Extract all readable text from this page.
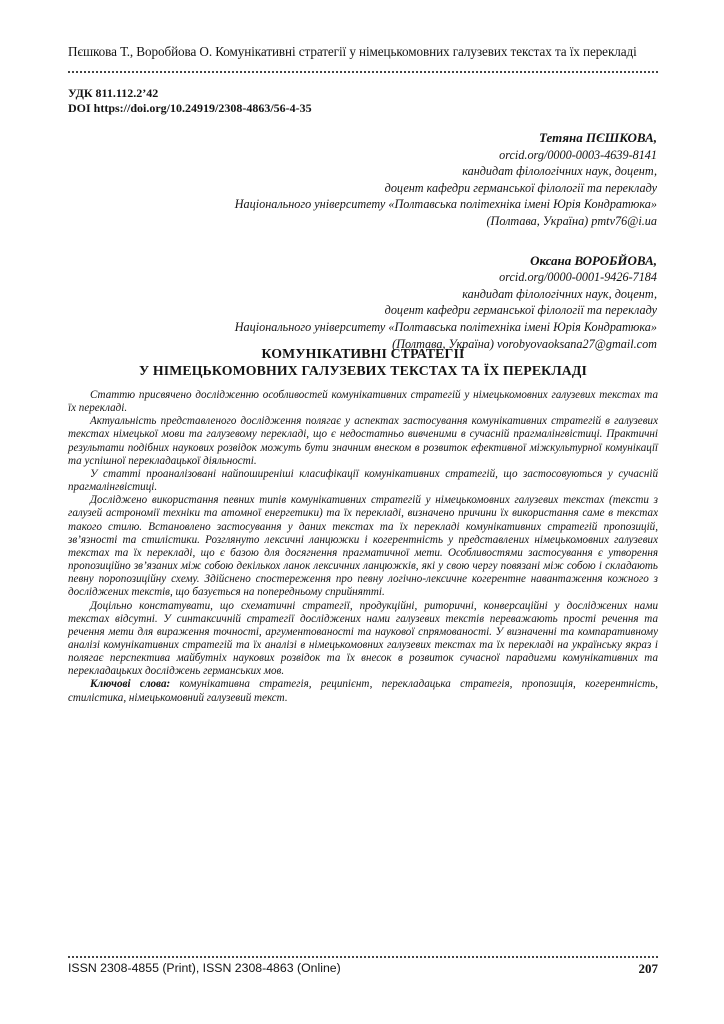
Пєшкова Т., Воробйова О. Комунікативні стратегії у німецькомовних галузевих текстах та їх перекладі
УДК 811.112.2’42
DOI https://doi.org/10.24919/2308-4863/56-4-35
Тетяна ПЄШКОВА,
orcid.org/0000-0003-4639-8141
кандидат філологічних наук, доцент,
доцент кафедри германської філології та перекладу
Національного університету «Полтавська політехніка імені Юрія Кондратюка»
(Полтава, Україна) pmtv76@i.ua
Оксана ВОРОБЙОВА,
orcid.org/0000-0001-9426-7184
кандидат філологічних наук, доцент,
доцент кафедри германської філології та перекладу
Національного університету «Полтавська політехніка імені Юрія Кондратюка»
(Полтава, Україна) vorobyovaoksana27@gmail.com
КОМУНІКАТИВНІ СТРАТЕГІЇ
У НІМЕЦЬКОМОВНИХ ГАЛУЗЕВИХ ТЕКСТАХ ТА ЇХ ПЕРЕКЛАДІ

Статтю присвячено дослідженню особливостей комунікативних стратегій у німецькомовних галузевих текстах та їх перекладі.

Актуальність представленого дослідження полягає у аспектах застосування комунікативних стратегій в галузевих текстах німецької мови та галузевому перекладі, що є недостатньо вивченими в сучасній прагмалінгвістиці. Практичні результати подібних наукових розвідок можуть бути значним внеском в розвиток ефективної міжкультурної комунікації та успішної перекладацької діяльності.

У статті проаналізовані найпоширеніші класифікації комунікативних стратегій, що застосовуються у сучасній прагмалінгвістиці.

Досліджено використання певних типів комунікативних стратегій у німецькомовних галузевих текстах (тексти з галузей астрономії техніки та атомної енергетики) та їх перекладі, визначено причини їх використання саме в текстах такого стилю. Встановлено застосування у даних текстах та їх перекладі комунікативних стратегій пропозицій, зв’язності та стилістики. Розглянуто лексичні ланцюжки і когерентність у представлених німецькомовних галузевих текстах та їх перекладі, що є базою для досягнення прагматичної мети. Особливостями застосування є утворення пропозиційно зв’язаних між собою декількох ланок лексичних ланцюжків, які у свою чергу повязані між собою і складають певну поропозиційну схему. Здійснено спостереження про певну логічно-лексичне когерентне навантаження кожного з досліджених текстів, що базується на попередньому сприйнятті.

Доцільно констатувати, що схематичні стратегії, продукційні, риторичні, конверсаційні у досліджених нами текстах відсутні. У синтаксичній стратегії досліджених нами галузевих текстів переважають прості речення та речення мети для вираження точності, аргументованості та наукової спрямованості. У визначенні та компаративному аналізі комунікативних стратегій та їх аналізі в німецькомовних галузевих текстах та їх перекладі на українську якраз і полягає перспектива майбутніх наукових розвідок та їх внесок в розвиток сучасної парадигми комунікативних та перекладацьких досліджень германських мов.

Ключові слова: комунікативна стратегія, реципієнт, перекладацька стратегія, пропозиція, когерентність, стилістика, німецькомовний галузевий текст.

ISSN 2308-4855 (Print), ISSN 2308-4863 (Online)	207
